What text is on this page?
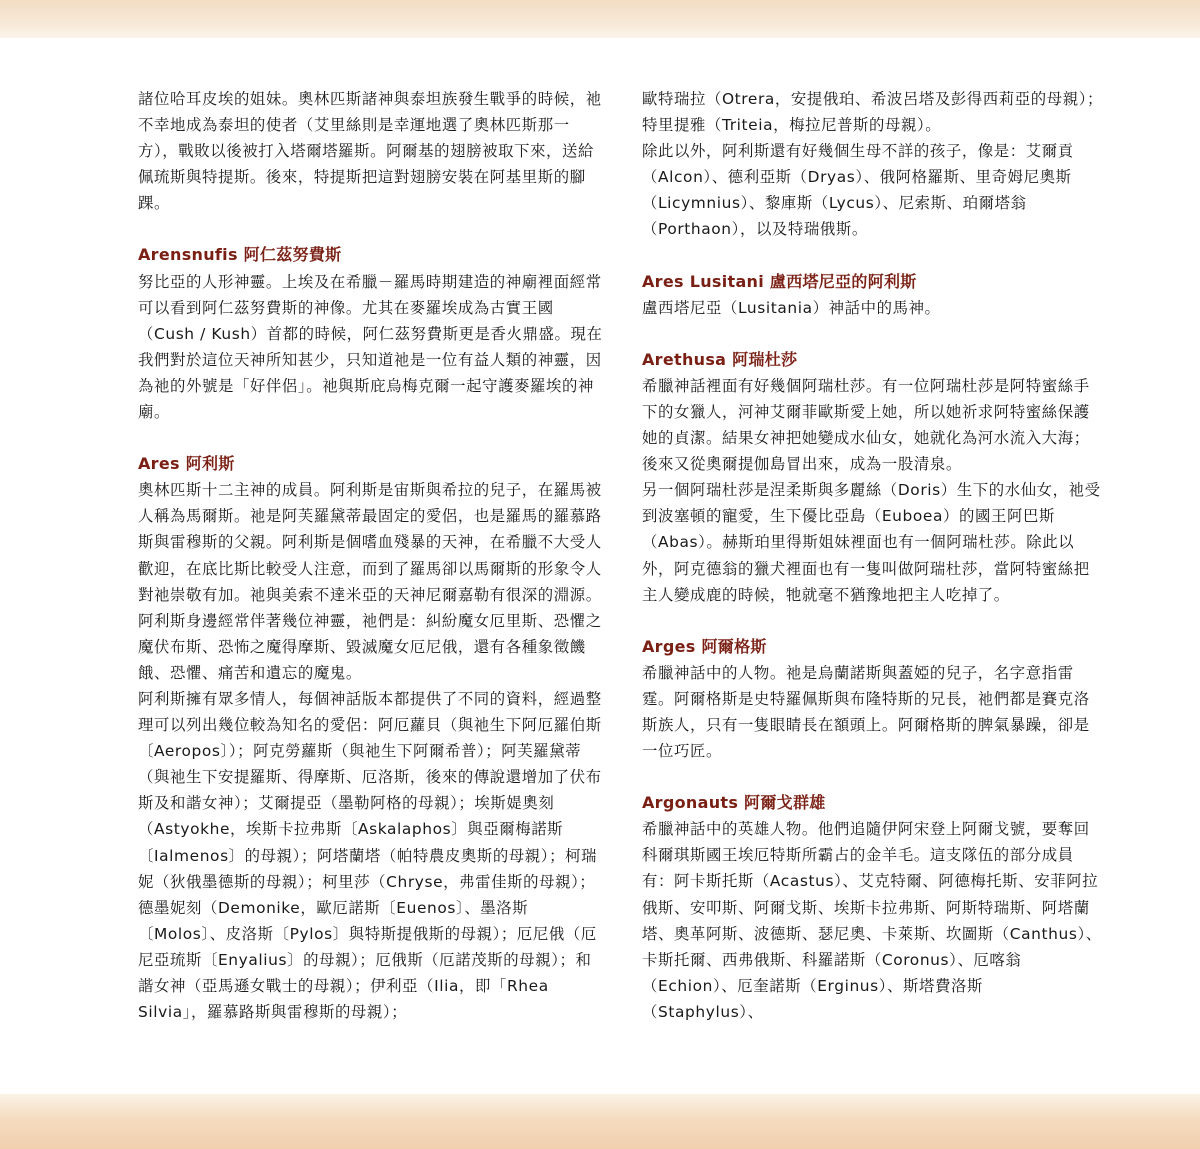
諸位哈耳皮埃的姐妹。奧林匹斯諸神與泰坦族發生戰爭的時候，祂不幸地成為泰坦的使者（艾里絲則是幸運地選了奧林匹斯那一方），戰敗以後被打入塔爾塔羅斯。阿爾基的翅膀被取下來，送給佩琉斯與特提斯。後來，特提斯把這對翅膀安裝在阿基里斯的腳踝。

Arensnufis 阿仁茲努費斯

努比亞的人形神靈。上埃及在希臘－羅馬時期建造的神廟裡面經常可以看到阿仁茲努費斯的神像。尤其在麥羅埃成為古實王國（Cush / Kush）首都的時候，阿仁茲努費斯更是香火鼎盛。現在我們對於這位天神所知甚少，只知道祂是一位有益人類的神靈，因為祂的外號是「好伴侶」。祂與斯庇烏梅克爾一起守護麥羅埃的神廟。

Ares 阿利斯

奧林匹斯十二主神的成員。阿利斯是宙斯與希拉的兒子，在羅馬被人稱為馬爾斯。祂是阿芙羅黛蒂最固定的愛侶，也是羅馬的羅慕路斯與雷穆斯的父親。阿利斯是個嗜血殘暴的天神，在希臘不大受人歡迎，在底比斯比較受人注意，而到了羅馬卻以馬爾斯的形象令人對祂崇敬有加。祂與美索不達米亞的天神尼爾嘉勒有很深的淵源。阿利斯身邊經常伴著幾位神靈，祂們是：糾紛魔女厄里斯、恐懼之魔伏布斯、恐怖之魔得摩斯、毀滅魔女厄尼俄，還有各種象徵饑餓、恐懼、痛苦和遺忘的魔鬼。

阿利斯擁有眾多情人，每個神話版本都提供了不同的資料，經過整理可以列出幾位較為知名的愛侶：阿厄蘿貝（與祂生下阿厄羅伯斯〔Aeropos〕）；阿克勞蘿斯（與祂生下阿爾希普）；阿芙羅黛蒂（與祂生下安提羅斯、得摩斯、厄洛斯，後來的傳說還增加了伏布斯及和諧女神）；艾爾提亞（墨勒阿格的母親）；埃斯媞奧刻（Astyokhe，埃斯卡拉弗斯〔Askalaphos〕與亞爾梅諾斯〔Ialmenos〕的母親）；阿塔蘭塔（帕特農皮奧斯的母親）；柯瑞妮（狄俄墨德斯的母親）；柯里莎（Chryse，弗雷佳斯的母親）；德墨妮刻（Demonike，歐厄諾斯〔Euenos〕、墨洛斯〔Molos〕、皮洛斯〔Pylos〕與特斯提俄斯的母親）；厄尼俄（厄尼亞琉斯〔Enyalius〕的母親）；厄俄斯（厄諾茂斯的母親）；和諧女神（亞馬遜女戰士的母親）；伊利亞（Ilia，即「Rhea Silvia」，羅慕路斯與雷穆斯的母親）；

歐特瑞拉（Otrera，安提俄珀、希波呂塔及彭得西莉亞的母親）；特里提雅（Triteia，梅拉尼普斯的母親）。

除此以外，阿利斯還有好幾個生母不詳的孩子，像是：艾爾貢（Alcon）、德利亞斯（Dryas）、俄阿格羅斯、里奇姆尼奧斯（Licymnius）、黎庫斯（Lycus）、尼索斯、珀爾塔翁（Porthaon），以及特瑞俄斯。

Ares Lusitani 盧西塔尼亞的阿利斯

盧西塔尼亞（Lusitania）神話中的馬神。

Arethusa 阿瑞杜莎

希臘神話裡面有好幾個阿瑞杜莎。有一位阿瑞杜莎是阿特蜜絲手下的女獵人，河神艾爾菲歐斯愛上她，所以她祈求阿特蜜絲保護她的貞潔。結果女神把她變成水仙女，她就化為河水流入大海；後來又從奧爾提伽島冒出來，成為一股清泉。

另一個阿瑞杜莎是涅柔斯與多麗絲（Doris）生下的水仙女，祂受到波塞頓的寵愛，生下優比亞島（Euboea）的國王阿巴斯（Abas）。赫斯珀里得斯姐妹裡面也有一個阿瑞杜莎。除此以外，阿克德翁的獵犬裡面也有一隻叫做阿瑞杜莎，當阿特蜜絲把主人變成鹿的時候，牠就毫不猶豫地把主人吃掉了。

Arges 阿爾格斯

希臘神話中的人物。祂是烏蘭諾斯與蓋婭的兒子，名字意指雷霆。阿爾格斯是史特羅佩斯與布隆特斯的兄長，祂們都是賽克洛斯族人，只有一隻眼睛長在額頭上。阿爾格斯的脾氣暴躁，卻是一位巧匠。

Argonauts 阿爾戈群雄

希臘神話中的英雄人物。他們追隨伊阿宋登上阿爾戈號，要奪回科爾琪斯國王埃厄特斯所霸占的金羊毛。這支隊伍的部分成員有：阿卡斯托斯（Acastus）、艾克特爾、阿德梅托斯、安菲阿拉俄斯、安叩斯、阿爾戈斯、埃斯卡拉弗斯、阿斯特瑞斯、阿塔蘭塔、奧革阿斯、波德斯、瑟尼奧、卡萊斯、坎圖斯（Canthus）、卡斯托爾、西弗俄斯、科羅諾斯（Coronus）、厄喀翁（Echion）、厄奎諾斯（Erginus）、斯塔費洛斯（Staphylus）、
